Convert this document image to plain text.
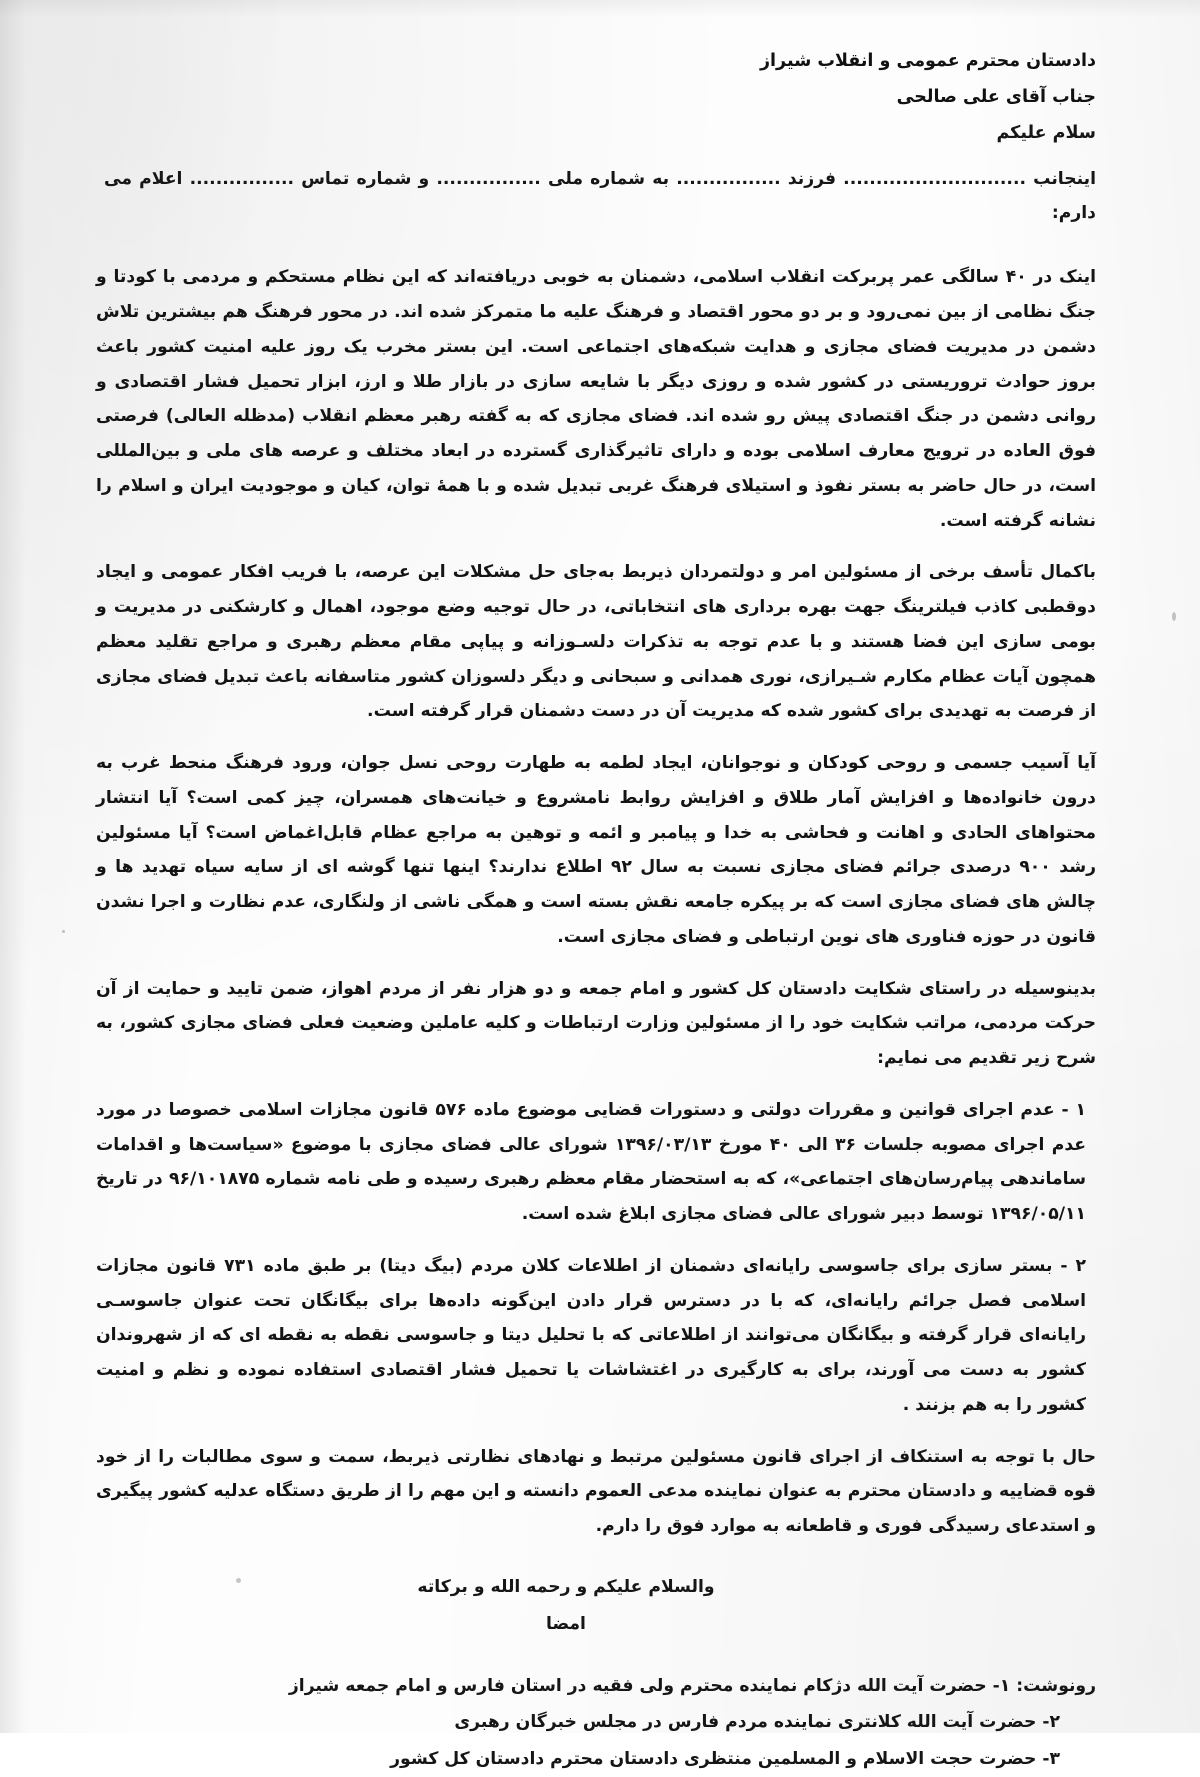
دادستان محترم عمومی و انقلاب شیراز
جناب آقای علی صالحی
سلام علیکم
اینجانب ............................ فرزند ................ به شماره ملی ................ و شماره تماس ................ اعلام می دارم:
اینک در ۴۰ سالگی عمر پربرکت انقلاب اسلامی، دشمنان به خوبی دریافته‌اند که این نظام مستحکم و مردمی با کودتا و جنگ نظامی از بین نمی‌رود و بر دو محور اقتصاد و فرهنگ علیه ما متمرکز شده اند. در محور فرهنگ هم بیشترین تلاش دشمن در مدیریت فضای مجازی و هدایت شبکه‌های اجتماعی است. این بستر مخرب یک روز علیه امنیت کشور باعث بروز حوادث تروریستی در کشور شده و روزی دیگر با شایعه سازی در بازار طلا و ارز، ابزار تحمیل فشار اقتصادی و روانی دشمن در جنگ اقتصادی پیش رو شده اند. فضای مجازی که به گفته رهبر معظم انقلاب (مدظله العالی) فرصتی فوق العاده در ترویج معارف اسلامی بوده و دارای تاثیرگذاری گسترده در ابعاد مختلف و عرصه های ملی و بین‌المللی است، در حال حاضر به بستر نفوذ و استیلای فرهنگ غربی تبدیل شده و با همهٔ توان، کیان و موجودیت ایران و اسلام را نشانه گرفته است.
باکمال تأسف برخی از مسئولین امر و دولتمردان ذیربط به‌جای حل مشکلات این عرصه، با فریب افکار عمومی و ایجاد دوقطبی کاذب فیلترینگ جهت بهره برداری های انتخاباتی، در حال توجیه وضع موجود، اهمال و کارشکنی در مدیریت و بومی سازی این فضا هستند و با عدم توجه به تذکرات دلسـوزانه و پیاپی مقام معظم رهبری و مراجع تقلید معظم همچون آیات عظام مکارم شـیرازی، نوری همدانی و سبحانی و دیگر دلسوزان کشور متاسفانه باعث تبدیل فضای مجازی از فرصت به تهدیدی برای کشور شده که مدیریت آن در دست دشمنان قرار گرفته است.
آیا آسیب جسمی و روحی کودکان و نوجوانان، ایجاد لطمه به طهارت روحی نسل جوان، ورود فرهنگ منحط غرب به درون خانواده‌ها و افزایش آمار طلاق و افزایش روابط نامشروع و خیانت‌های همسران، چیز کمی است؟ آیا انتشار محتواهای الحادی و اهانت و فحاشی به خدا و پیامبر و ائمه و توهین به مراجع عظام قابل‌اغماض است؟ آیا مسئولین رشد ۹۰۰ درصدی جرائم فضای مجازی نسبت به سال ۹۲ اطلاع ندارند؟ اینها تنها گوشه ای از سایه سیاه تهدید ها و چالش های فضای مجازی است که بر پیکره جامعه نقش بسته است و همگی ناشی از ولنگاری، عدم نظارت و اجرا نشدن قانون در حوزه فناوری های نوین ارتباطی و فضای مجازی است.
بدینوسیله در راستای شکایت دادستان کل کشور و امام جمعه و دو هزار نفر از مردم اهواز، ضمن تایید و حمایت از آن حرکت مردمی، مراتب شکایت خود را از مسئولین وزارت ارتباطات و کلیه عاملین وضعیت فعلی فضای مجازی کشور، به شرح زیر تقدیم می نمایم:
۱ - عدم اجرای قوانین و مقررات دولتی و دستورات قضایی موضوع ماده ۵۷۶ قانون مجازات اسلامی خصوصا در مورد عدم اجرای مصوبه جلسات ۳۶ الی ۴۰ مورخ ۱۳۹۶/۰۳/۱۳ شورای عالی فضای مجازی با موضوع «سیاست‌ها و اقدامات ساماندهی پیام‌رسان‌های اجتماعی»، که به استحضار مقام معظم رهبری رسیده و طی نامه شماره ۹۶/۱۰۱۸۷۵ در تاریخ ۱۳۹۶/۰۵/۱۱ توسط دبیر شورای عالی فضای مجازی ابلاغ شده است.
۲ - بستر سازی برای جاسوسی رایانه‌ای دشمنان از اطلاعات کلان مردم (بیگ دیتا) بر طبق ماده ۷۳۱ قانون مجازات اسلامی فصل جرائم رایانه‌ای، که با در دسترس قرار دادن این‌گونه داده‌ها برای بیگانگان تحت عنوان جاسوسـی رایانه‌ای قرار گرفته و بیگانگان می‌توانند از اطلاعاتی که با تحلیل دیتا و جاسوسی نقطه به نقطه ای که از شهروندان کشور به دست می آورند، برای به کارگیری در اغتشاشات یا تحمیل فشار اقتصادی استفاده نموده و نظم و امنیت کشور را به هم بزنند .
حال با توجه به استنکاف از اجرای قانون مسئولین مرتبط و نهادهای نظارتی ذیربط، سمت و سوی مطالبات را از خود قوه قضاییه و دادستان محترم به عنوان نماینده مدعی العموم دانسته و این مهم را از طریق دستگاه عدلیه کشور پیگیری و استدعای رسیدگی فوری و قاطعانه به موارد فوق را دارم.
والسلام علیکم و رحمه الله و برکاته
امضا
رونوشت: ۱- حضرت آیت الله دژکام نماینده محترم ولی فقیه در استان فارس و امام جمعه شیراز
۲- حضرت آیت الله کلانتری نماینده مردم فارس در مجلس خبرگان رهبری
۳- حضرت حجت الاسلام و المسلمین منتظری دادستان محترم دادستان کل کشور
